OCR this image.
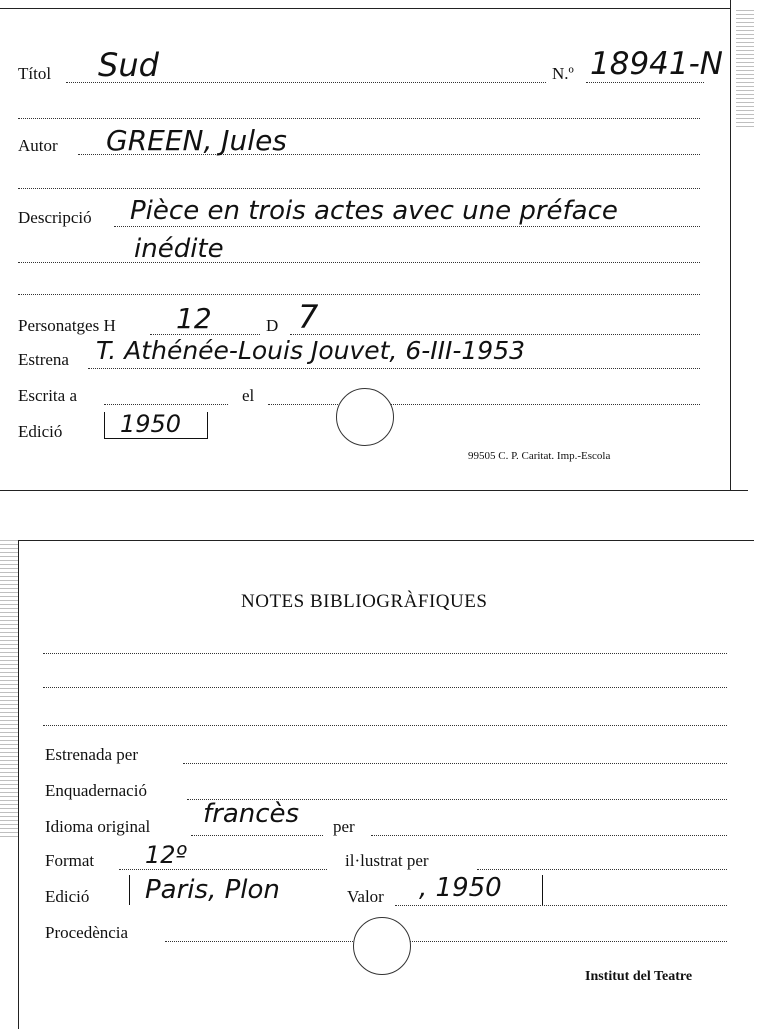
Títol Sud	N.º 18941-N
Autor GREEN, Jules
Descripció Pièce en trois actes avec une préface
inédite
Personatges H 12	D 7
Estrena T. Athénée-Louis Jouvet, 6-III-1953
Escrita a	el
Edició 1950
99505 C. P. Caritat. Imp.-Escola
NOTES BIBLIOGRÀFIQUES
Estrenada per
Enquadernació
Idioma original francès per
Format 12º	il·lustrat per
Edició Paris, Plon	Valor , 1950
Procedència
Institut del Teatre
